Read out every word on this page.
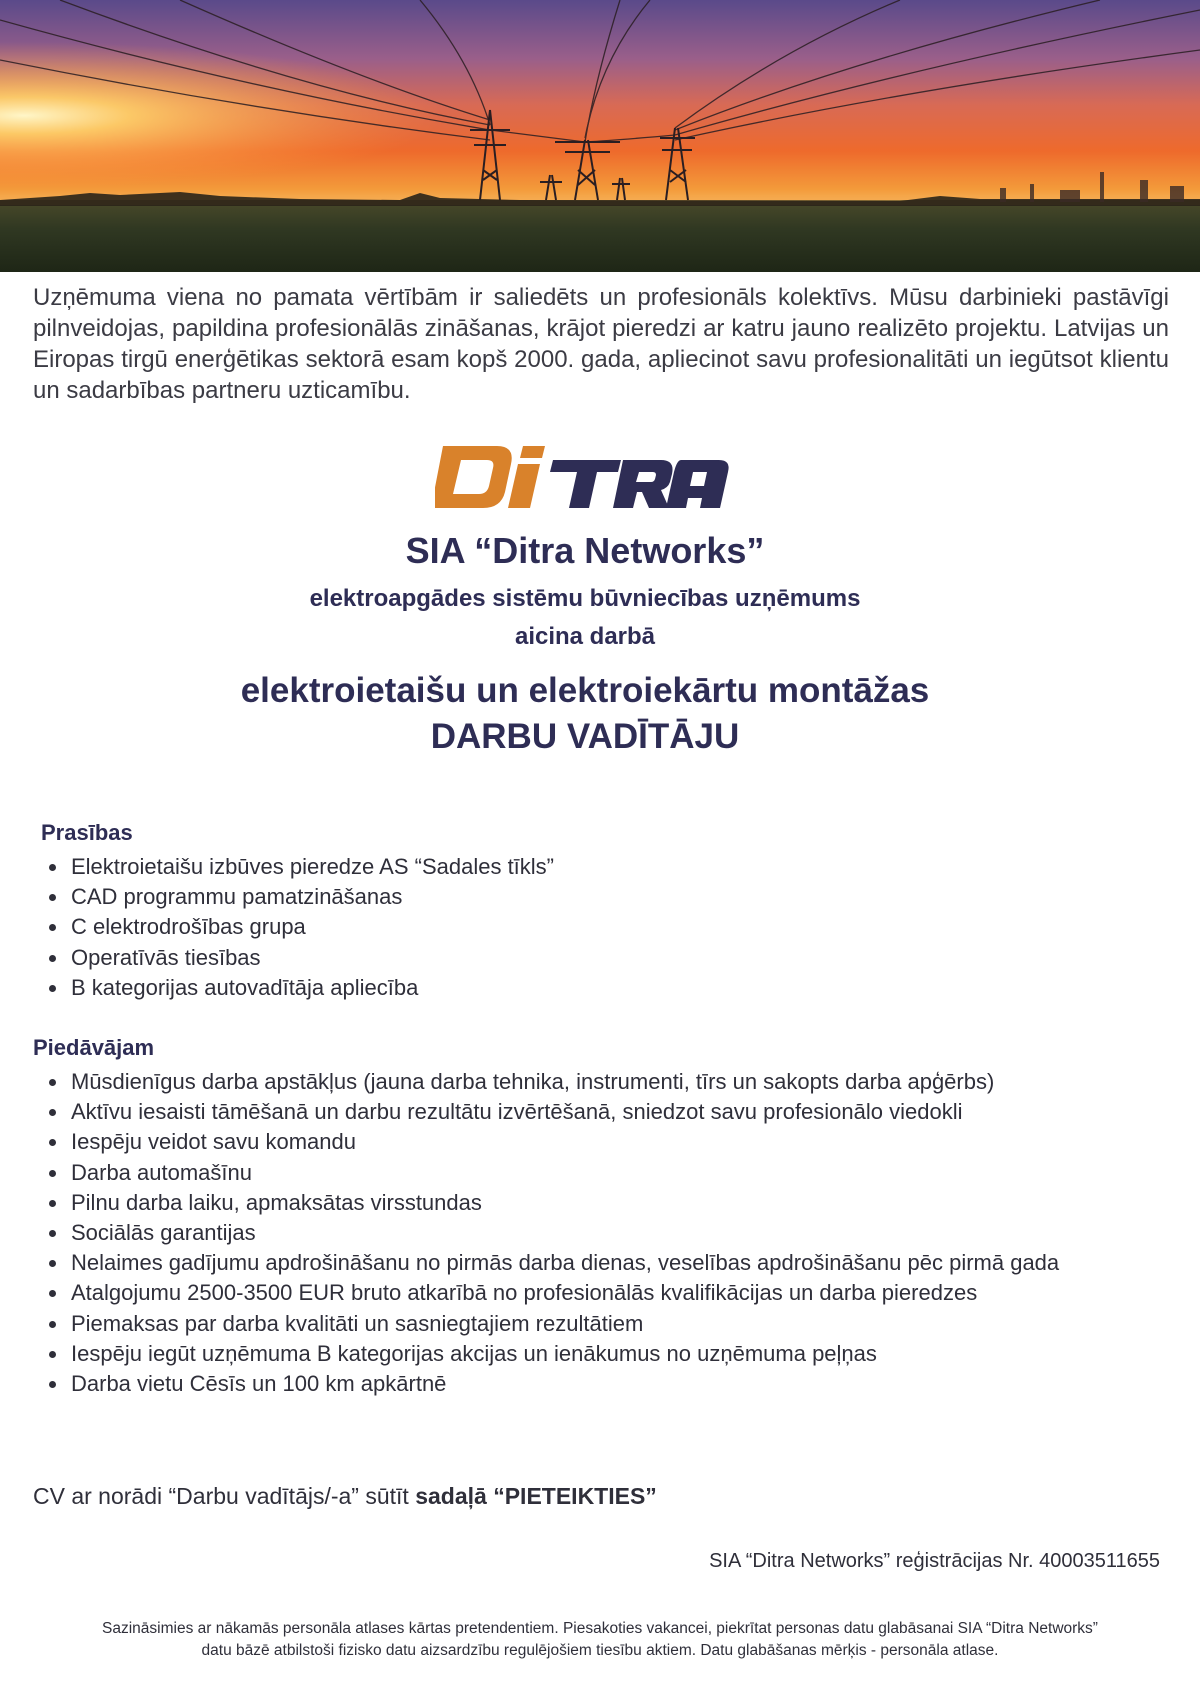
Uzņēmuma viena no pamata vērtībām ir saliedēts un profesionāls kolektīvs. Mūsu darbinieki pastāvīgi pilnveidojas, papildina profesionālās zināšanas, krājot pieredzi ar katru jauno realizēto projektu. Latvijas un Eiropas tirgū enerģētikas sektorā esam kopš 2000. gada, apliecinot savu profesionalitāti un iegūtsot klientu un sadarbības partneru uzticamību.
SIA “Ditra Networks”
elektroapgādes sistēmu būvniecības uzņēmums
aicina darbā
elektroietaišu un elektroiekārtu montāžas
DARBU VADĪTĀJU
Prasības
• Elektroietaišu izbūves pieredze AS “Sadales tīkls”
• CAD programmu pamatzināšanas
• C elektrodrošības grupa
• Operatīvās tiesības
• B kategorijas autovadītāja apliecība
Piedāvājam
• Mūsdienīgus darba apstākļus (jauna darba tehnika, instrumenti, tīrs un sakopts darba apģērbs)
• Aktīvu iesaisti tāmēšanā un darbu rezultātu izvērtēšanā, sniedzot savu profesionālo viedokli
• Iespēju veidot savu komandu
• Darba automašīnu
• Pilnu darba laiku, apmaksātas virsstundas
• Sociālās garantijas
• Nelaimes gadījumu apdrošināšanu no pirmās darba dienas, veselības apdrošināšanu pēc pirmā gada
• Atalgojumu 2500-3500 EUR bruto atkarībā no profesionālās kvalifikācijas un darba pieredzes
• Piemaksas par darba kvalitāti un sasniegtajiem rezultātiem
• Iespēju iegūt uzņēmuma B kategorijas akcijas un ienākumus no uzņēmuma peļņas
• Darba vietu Cēsīs un 100 km apkārtnē
CV ar norādi “Darbu vadītājs/-a” sūtīt sadaļā “PIETEIKTIES”
SIA “Ditra Networks” reģistrācijas Nr. 40003511655
Sazināsimies ar nākamās personāla atlases kārtas pretendentiem. Piesakoties vakancei, piekrītat personas datu glabāsanai SIA “Ditra Networks”
datu bāzē atbilstoši fizisko datu aizsardzību regulējošiem tiesību aktiem. Datu glabāšanas mērķis - personāla atlase.
